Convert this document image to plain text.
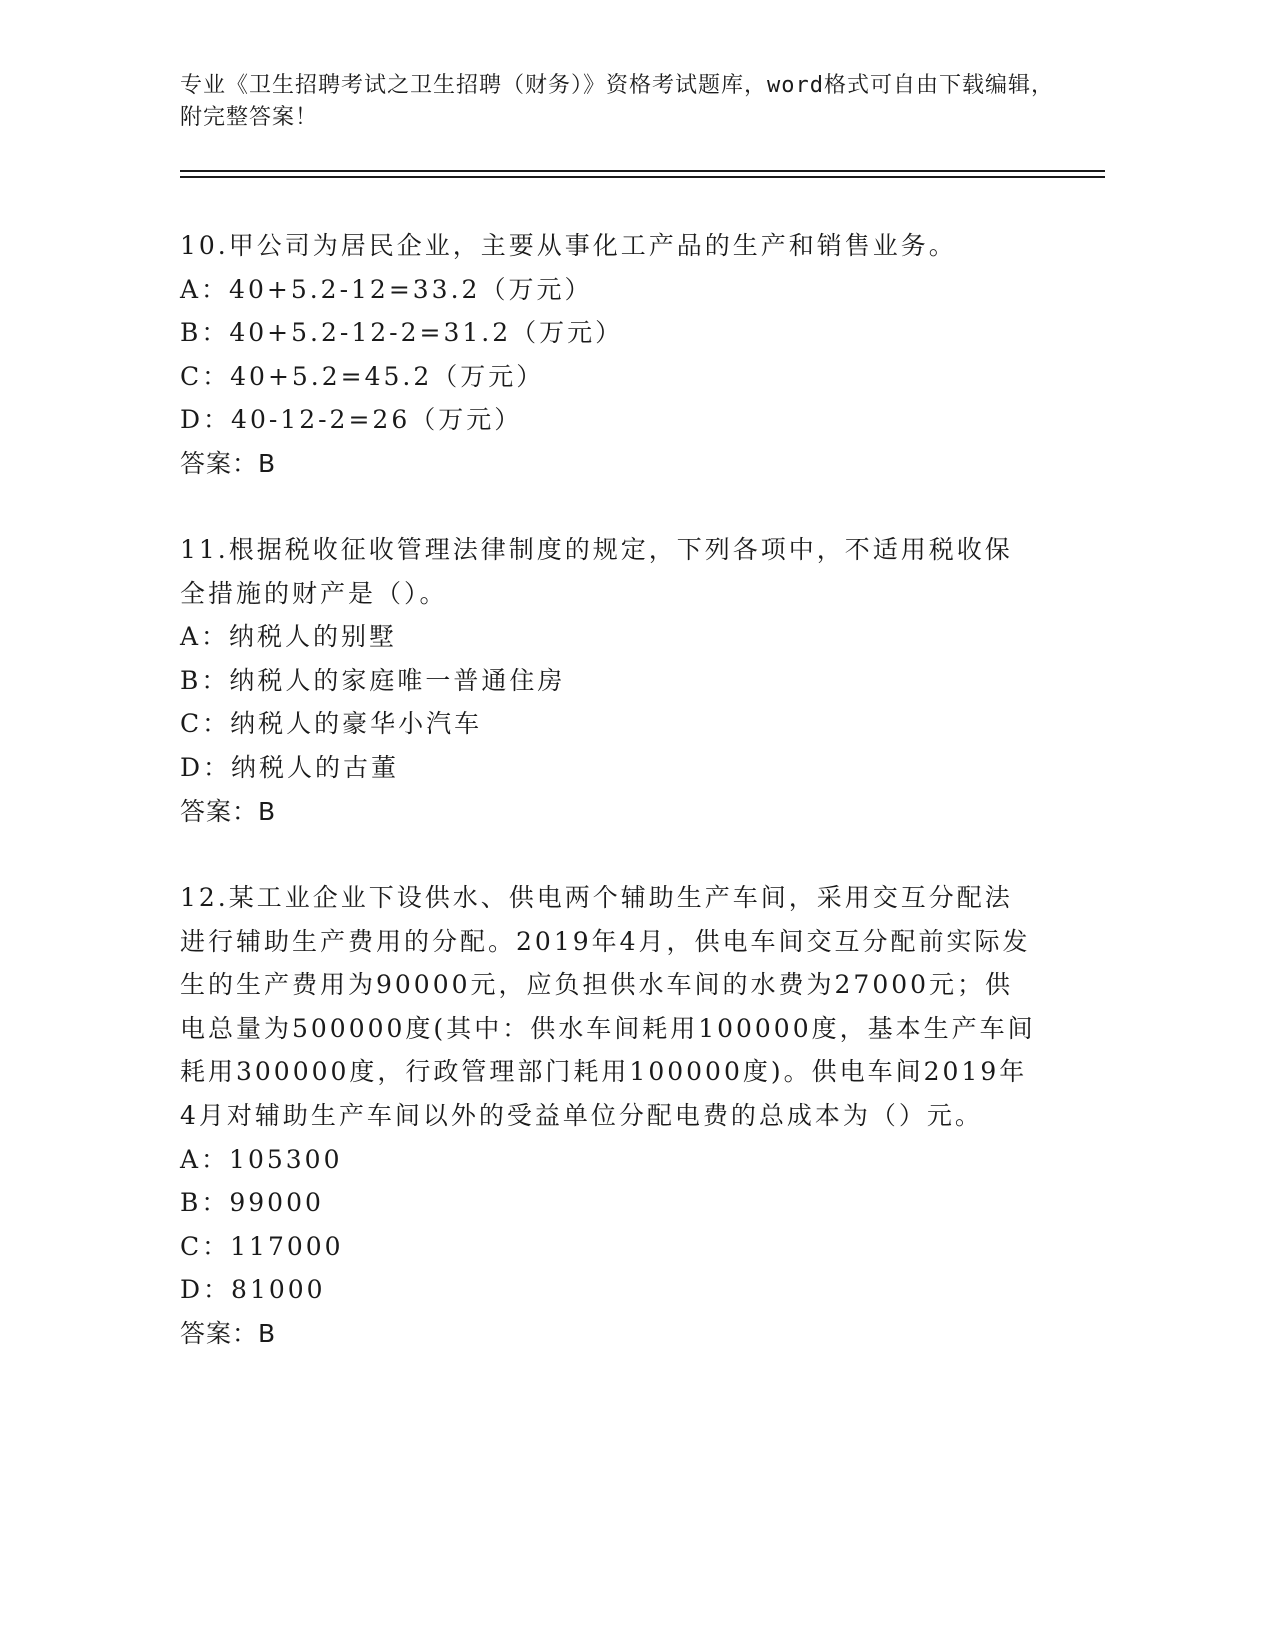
专业《卫生招聘考试之卫生招聘（财务）》资格考试题库，word格式可自由下载编辑，附完整答案！
10.甲公司为居民企业，主要从事化工产品的生产和销售业务。
A：40+5.2-12=33.2（万元）
B：40+5.2-12-2=31.2（万元）
C：40+5.2=45.2（万元）
D：40-12-2=26（万元）
答案：B
11.根据税收征收管理法律制度的规定，下列各项中，不适用税收保全措施的财产是（）。
A：纳税人的别墅
B：纳税人的家庭唯一普通住房
C：纳税人的豪华小汽车
D：纳税人的古董
答案：B
12.某工业企业下设供水、供电两个辅助生产车间，采用交互分配法进行辅助生产费用的分配。2019年4月，供电车间交互分配前实际发生的生产费用为90000元，应负担供水车间的水费为27000元；供电总量为500000度(其中：供水车间耗用100000度，基本生产车间耗用300000度，行政管理部门耗用100000度)。供电车间2019年4月对辅助生产车间以外的受益单位分配电费的总成本为（）元。
A：105300
B：99000
C：117000
D：81000
答案：B
